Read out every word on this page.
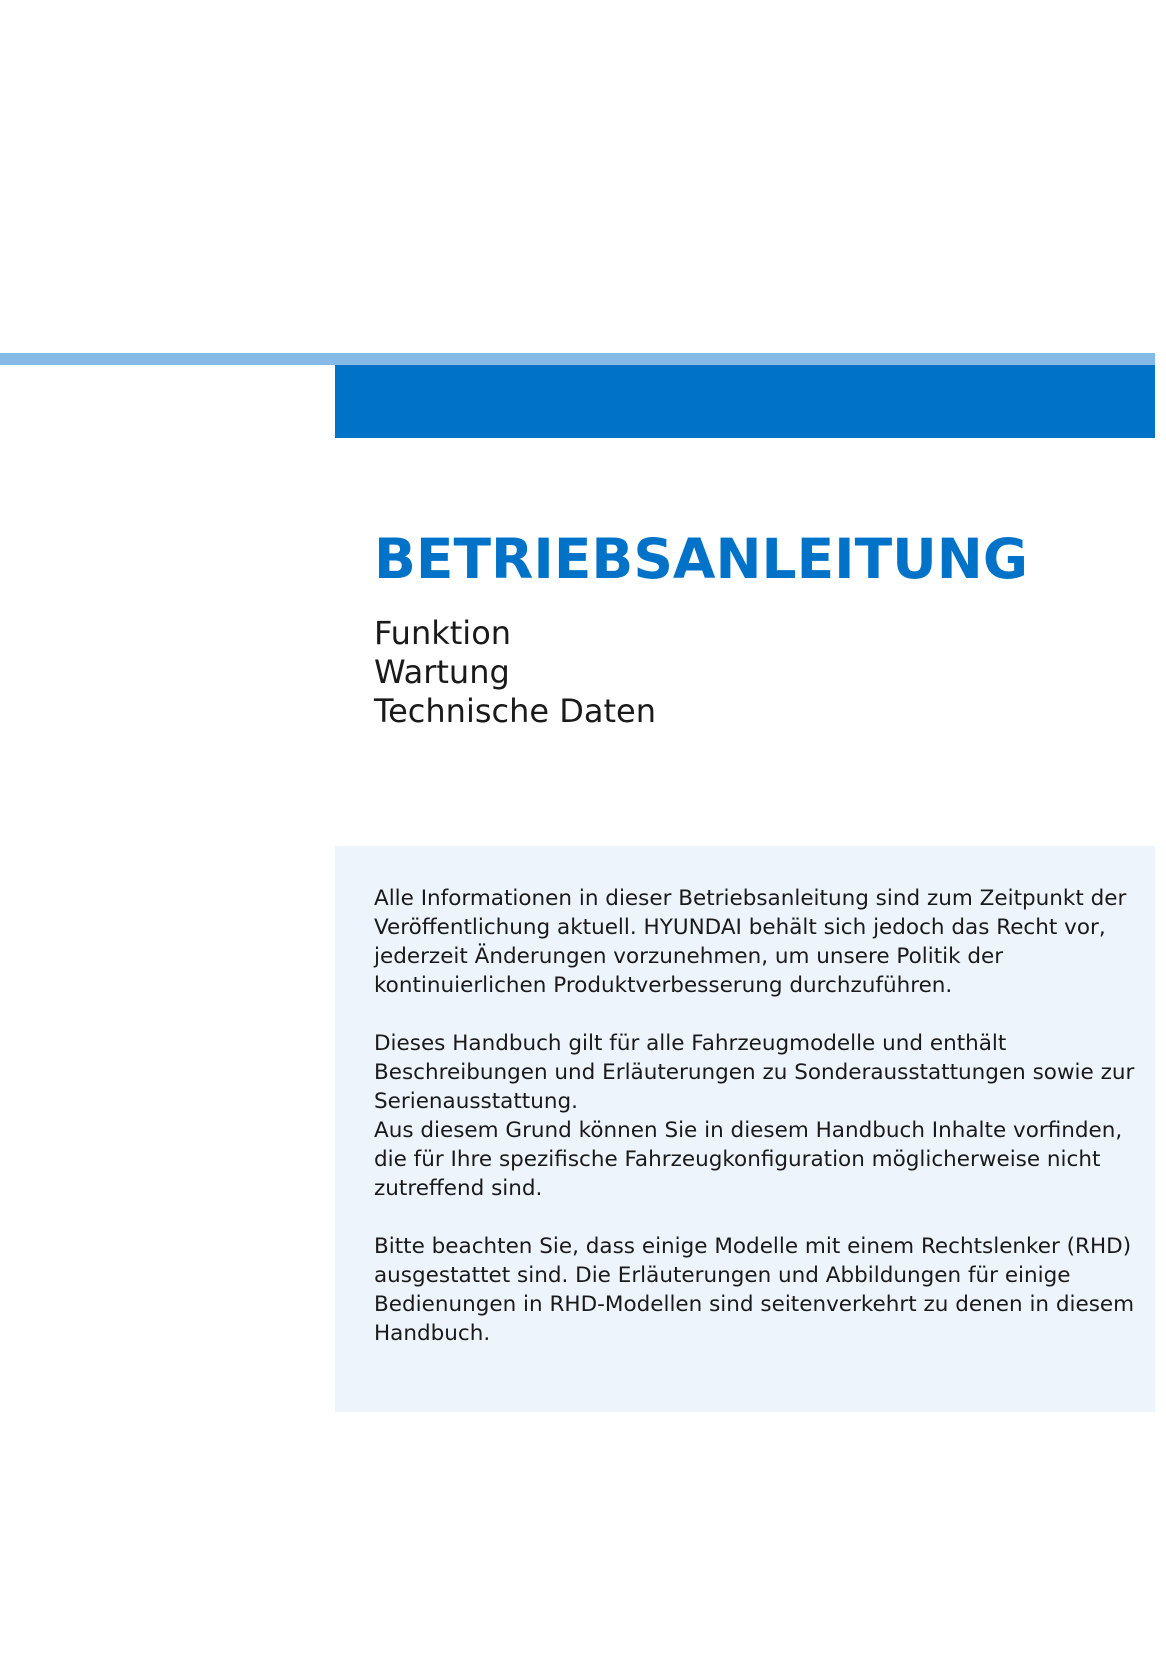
BETRIEBSANLEITUNG
Funktion
Wartung
Technische Daten

Alle Informationen in dieser Betriebsanleitung sind zum Zeitpunkt der Veröffentlichung aktuell. HYUNDAI behält sich jedoch das Recht vor, jederzeit Änderungen vorzunehmen, um unsere Politik der kontinuierlichen Produktverbesserung durchzuführen.

Dieses Handbuch gilt für alle Fahrzeugmodelle und enthält Beschreibungen und Erläuterungen zu Sonderausstattungen sowie zur Serienausstattung.

Aus diesem Grund können Sie in diesem Handbuch Inhalte vorfinden, die für Ihre spezifische Fahrzeugkonfiguration möglicherweise nicht zutreffend sind.

Bitte beachten Sie, dass einige Modelle mit einem Rechtslenker (RHD) ausgestattet sind. Die Erläuterungen und Abbildungen für einige Bedienungen in RHD-Modellen sind seitenverkehrt zu denen in diesem Handbuch.
